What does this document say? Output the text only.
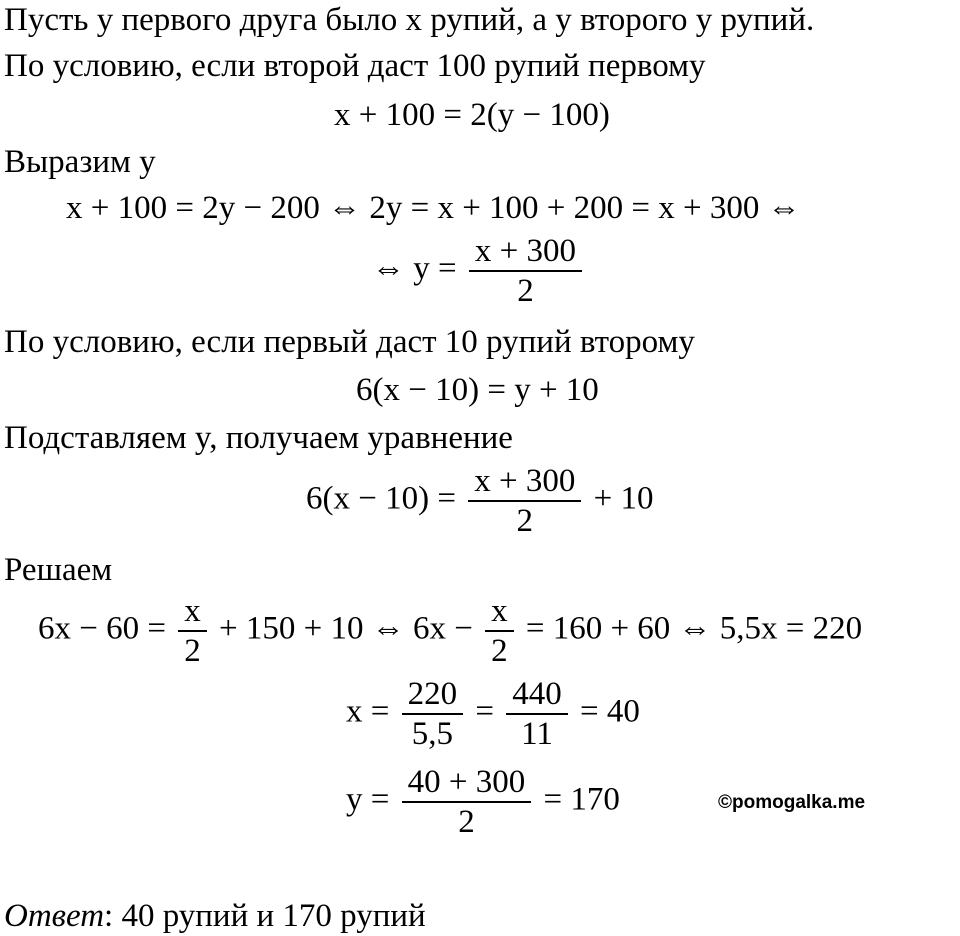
Пусть у первого друга было x рупий, а у второго y рупий.
По условию, если второй даст 100 рупий первому
x + 100 = 2(y − 100)
Выразим y
x + 100 = 2y − 200 ⇔ 2y = x + 100 + 200 = x + 300 ⇔
⇔ $y = \frac{x + 300}{2}$
По условию, если первый даст 10 рупий второму
6(x − 10) = y + 10
Подставляем y, получаем уравнение
$6(x - 10) = \frac{x + 300}{2} + 10$
Решаем
$6x - 60 = \frac{x}{2} + 150 + 10$ ⇔ $6x - \frac{x}{2} = 160 + 60$ ⇔ 5,5x = 220
$x = \frac{220}{5,5} = \frac{440}{11} = 40$
$y = \frac{40 + 300}{2} = 170$	©pomogalka.me
Ответ: 40 рупий и 170 рупий
